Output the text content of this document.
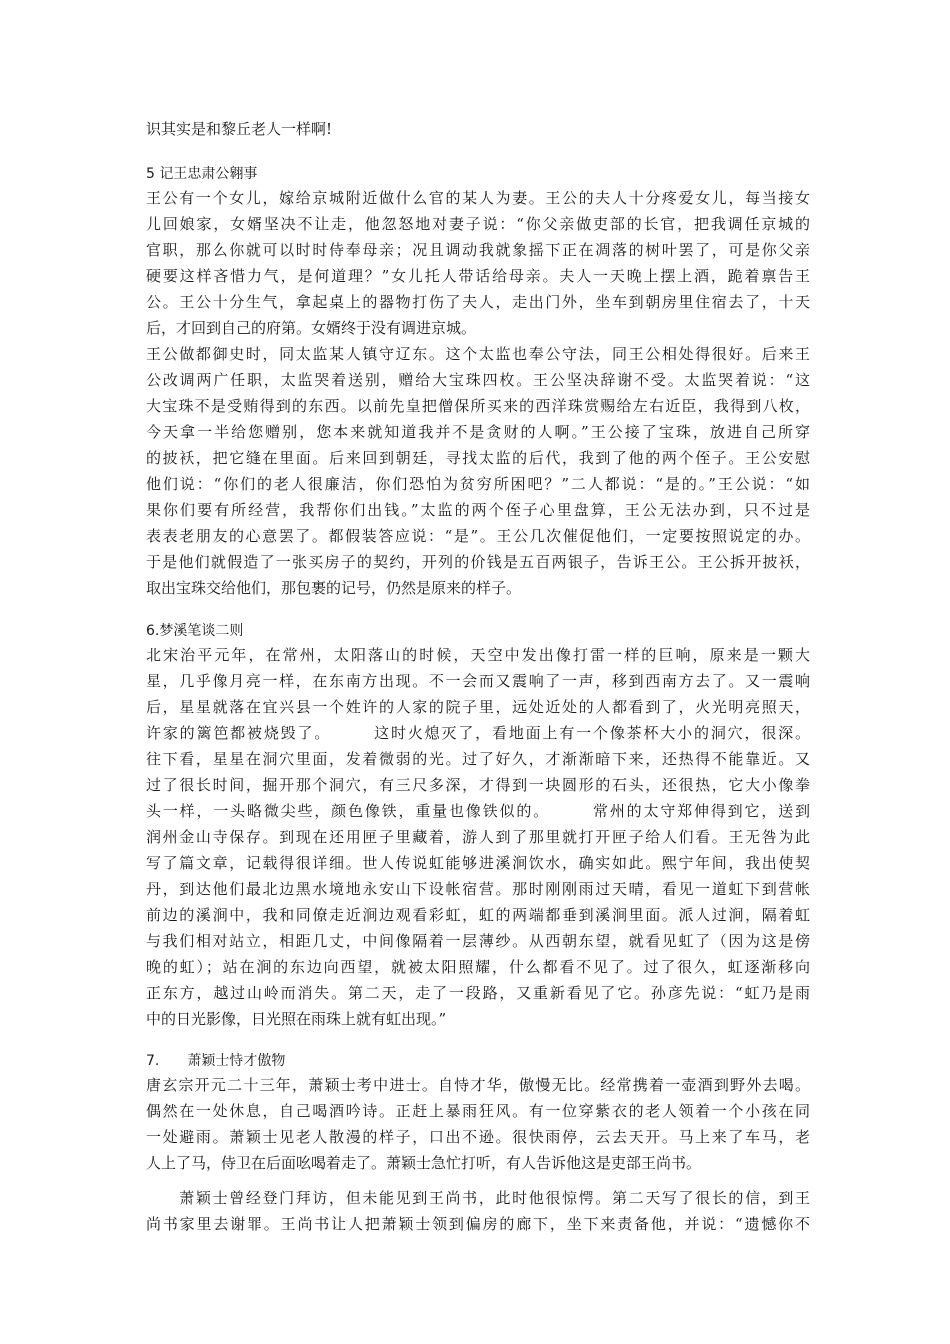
识其实是和黎丘老人一样啊!
5 记王忠肃公翱事
王公有一个女儿，嫁给京城附近做什么官的某人为妻。王公的夫人十分疼爱女儿，每当接女
儿回娘家，女婿坚决不让走，他忽怒地对妻子说：“你父亲做吏部的长官，把我调任京城的
官职，那么你就可以时时侍奉母亲；况且调动我就象摇下正在凋落的树叶罢了，可是你父亲
硬要这样吝惜力气，是何道理？”女儿托人带话给母亲。夫人一天晚上摆上酒，跪着禀告王
公。王公十分生气，拿起桌上的器物打伤了夫人，走出门外，坐车到朝房里住宿去了，十天
后，才回到自己的府第。女婿终于没有调进京城。
王公做都御史时，同太监某人镇守辽东。这个太监也奉公守法，同王公相处得很好。后来王
公改调两广任职，太监哭着送别，赠给大宝珠四枚。王公坚决辞谢不受。太监哭着说：“这
大宝珠不是受贿得到的东西。以前先皇把僧保所买来的西洋珠赏赐给左右近臣，我得到八枚，
今天拿一半给您赠别，您本来就知道我并不是贪财的人啊。”王公接了宝珠，放进自己所穿
的披袄，把它缝在里面。后来回到朝廷，寻找太监的后代，我到了他的两个侄子。王公安慰
他们说：“你们的老人很廉洁，你们恐怕为贫穷所困吧？”二人都说：“是的。”王公说：“如
果你们要有所经营，我帮你们出钱。”太监的两个侄子心里盘算，王公无法办到，只不过是
表表老朋友的心意罢了。都假装答应说：“是”。王公几次催促他们，一定要按照说定的办。
于是他们就假造了一张买房子的契约，开列的价钱是五百两银子，告诉王公。王公拆开披袄，
取出宝珠交给他们，那包裹的记号，仍然是原来的样子。
6.梦溪笔谈二则
北宋治平元年，在常州，太阳落山的时候，天空中发出像打雷一样的巨响，原来是一颗大
星，几乎像月亮一样，在东南方出现。不一会而又震响了一声，移到西南方去了。又一震响
后，星星就落在宜兴县一个姓许的人家的院子里，远处近处的人都看到了，火光明亮照天，
许家的篱笆都被烧毁了。　　　这时火熄灭了，看地面上有一个像茶杯大小的洞穴，很深。
往下看，星星在洞穴里面，发着微弱的光。过了好久，才渐渐暗下来，还热得不能靠近。又
过了很长时间，掘开那个洞穴，有三尺多深，才得到一块圆形的石头，还很热，它大小像拳
头一样，一头略微尖些，颜色像铁，重量也像铁似的。　　　常州的太守郑伸得到它，送到
润州金山寺保存。到现在还用匣子里藏着，游人到了那里就打开匣子给人们看。王无咎为此
写了篇文章，记载得很详细。世人传说虹能够进溪涧饮水，确实如此。熙宁年间，我出使契
丹，到达他们最北边黑水境地永安山下设帐宿营。那时刚刚雨过天晴，看见一道虹下到营帐
前边的溪涧中，我和同僚走近涧边观看彩虹，虹的两端都垂到溪涧里面。派人过涧，隔着虹
与我们相对站立，相距几丈，中间像隔着一层薄纱。从西朝东望，就看见虹了（因为这是傍
晚的虹）；站在涧的东边向西望，就被太阳照耀，什么都看不见了。过了很久，虹逐渐移向
正东方，越过山岭而消失。第二天，走了一段路，又重新看见了它。孙彦先说：“虹乃是雨
中的日光影像，日光照在雨珠上就有虹出现。”
7.　　萧颖士恃才傲物
唐玄宗开元二十三年，萧颖士考中进士。自恃才华，傲慢无比。经常携着一壶酒到野外去喝。
偶然在一处休息，自己喝酒吟诗。正赶上暴雨狂风。有一位穿紫衣的老人领着一个小孩在同
一处避雨。萧颖士见老人散漫的样子，口出不逊。很快雨停，云去天开。马上来了车马，老
人上了马，侍卫在后面吆喝着走了。萧颖士急忙打听，有人告诉他这是吏部王尚书。
　　萧颖士曾经登门拜访，但未能见到王尚书，此时他很惊愕。第二天写了很长的信，到王
尚书家里去谢罪。王尚书让人把萧颖士领到偏房的廊下，坐下来责备他，并说：“遗憾你不
